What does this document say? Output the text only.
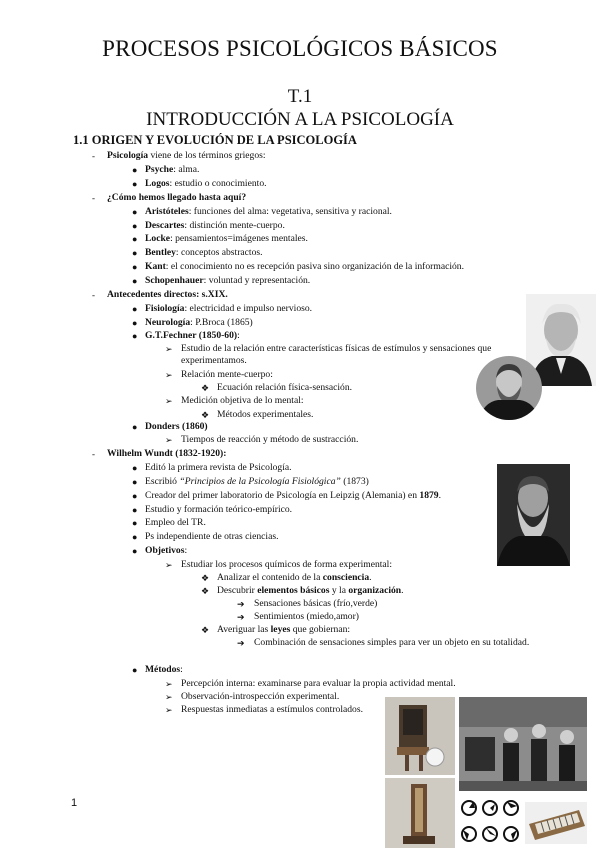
PROCESOS PSICOLÓGICOS BÁSICOS
T.1
INTRODUCCIÓN A LA PSICOLOGÍA
1.1 ORIGEN Y EVOLUCIÓN DE LA PSICOLOGÍA
- Psicología viene de los términos griegos:
● Psyche: alma.
● Logos: estudio o conocimiento.
- ¿Cómo hemos llegado hasta aquí?
● Aristóteles: funciones del alma: vegetativa, sensitiva y racional.
● Descartes: distinción mente-cuerpo.
● Locke: pensamientos=imágenes mentales.
● Bentley: conceptos abstractos.
● Kant: el conocimiento no es recepción pasiva sino organización de la información.
● Schopenhauer: voluntad y representación.
- Antecedentes directos: s.XIX.
● Fisiología: electricidad e impulso nervioso.
● Neurología: P.Broca (1865)
● G.T.Fechner (1850-60):
➢ Estudio de la relación entre características físicas de estímulos y sensaciones que experimentamos.
➢ Relación mente-cuerpo:
❖ Ecuación relación física-sensación.
➢ Medición objetiva de lo mental:
❖ Métodos experimentales.
● Donders (1860)
➢ Tiempos de reacción y método de sustracción.
- Wilhelm Wundt (1832-1920):
● Editó la primera revista de Psicología.
● Escribió “Principios de la Psicología Fisiológica” (1873)
● Creador del primer laboratorio de Psicología en Leipzig (Alemania) en 1879.
● Estudio y formación teórico-empírico.
● Empleo del TR.
● Ps independiente de otras ciencias.
● Objetivos:
➢ Estudiar los procesos químicos de forma experimental:
❖ Analizar el contenido de la consciencia.
❖ Descubrir elementos básicos y la organización.
➔ Sensaciones básicas (frío,verde)
➔ Sentimientos (miedo,amor)
❖ Averiguar las leyes que gobiernan:
➔ Combinación de sensaciones simples para ver un objeto en su totalidad.
● Métodos:
➢ Percepción interna: examinarse para evaluar la propia actividad mental.
➢ Observación-introspección experimental.
➢ Respuestas inmediatas a estímulos controlados.
1
